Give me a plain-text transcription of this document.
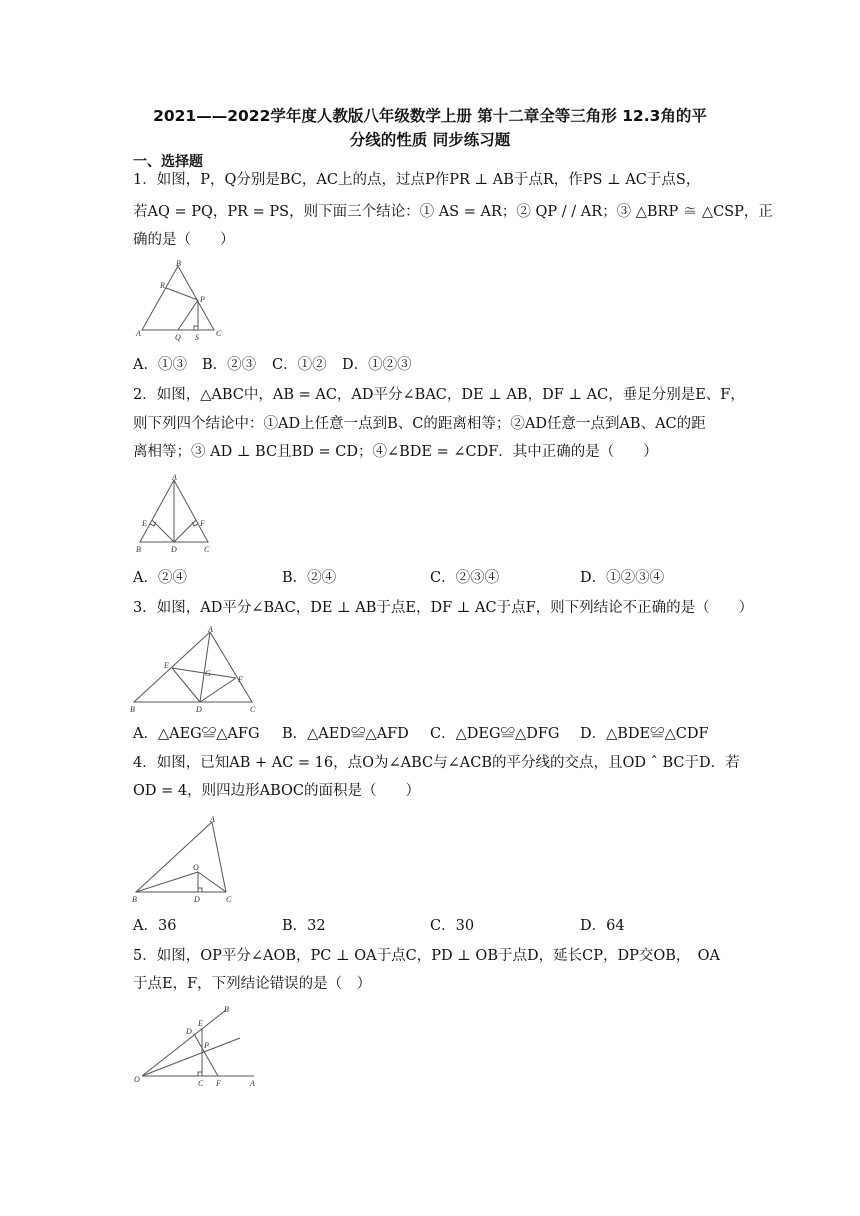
2021——2022学年度人教版八年级数学上册 第十二章全等三角形 12.3角的平
分线的性质 同步练习题
一、选择题
1．如图，P，Q分别是BC，AC上的点，过点P作PR ⊥ AB于点R，作PS ⊥ AC于点S，
若AQ = PQ，PR = PS，则下面三个结论：① AS = AR；② QP / / AR；③ △BRP ≅ △CSP，正
确的是（　　）
A
B
C
P
Q S
R
A．①③ B．②③ C．①② D．①②③
2．如图，△ABC中，AB = AC，AD平分∠BAC，DE ⊥ AB，DF ⊥ AC，垂足分别是E、F，
则下列四个结论中：①AD上任意一点到B、C的距离相等；②AD任意一点到AB、AC的距
离相等；③ AD ⊥ BC且BD = CD；④∠BDE = ∠CDF．其中正确的是（　　）
A
B	C
D
E	F
A．②④	B．②④	C．②③④	D．①②③④
3．如图，AD平分∠BAC，DE ⊥ AB于点E，DF ⊥ AC于点F，则下列结论不正确的是（　　）
A
B	C
D
E
F
G
A．△AEG≌△AFG B．△AED≌△AFD C．△DEG≌△DFG D．△BDE≌△CDF
4．如图，已知AB + AC = 16，点O为∠ABC与∠ACB的平分线的交点，且OD ˆ BC于D．若
OD = 4，则四边形ABOC的面积是（　　）
A
B	C
D
O
A．36	B．32	C．30	D．64
5．如图，OP平分∠AOB，PC ⊥ OA于点C，PD ⊥ OB于点D，延长CP，DP交OB，　OA
于点E，F，下列结论错误的是（　）
O	A
B
C
D
E
F
P
